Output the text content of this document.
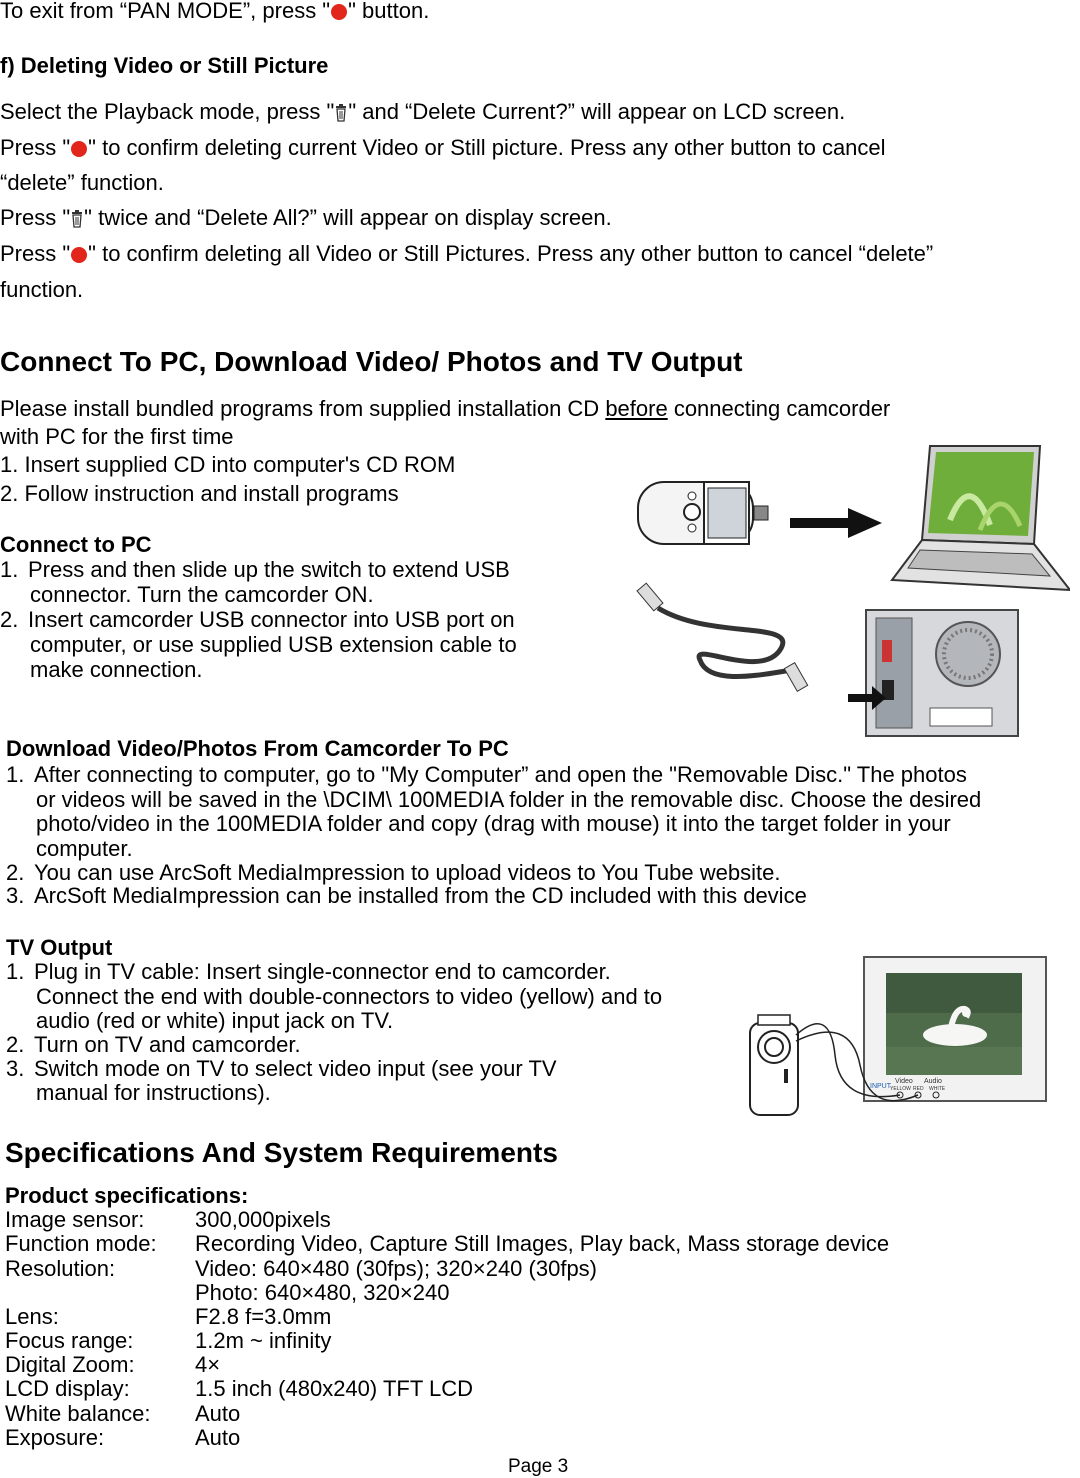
To exit from “PAN MODE”, press " " button.
f) Deleting Video or Still Picture
Select the Playback mode, press " " and “Delete Current?” will appear on LCD screen.
Press " " to confirm deleting current Video or Still picture. Press any other button to cancel
“delete” function.
Press " " twice and “Delete All?” will appear on display screen.
Press " " to confirm deleting all Video or Still Pictures. Press any other button to cancel “delete”
function.
Connect To PC, Download Video/ Photos and TV Output
Please install bundled programs from supplied installation CD before connecting camcorder
with PC for the first time
1. Insert supplied CD into computer's CD ROM
2. Follow instruction and install programs
Connect to PC
1. Press and then slide up the switch to extend USB
connector. Turn the camcorder ON.
2. Insert camcorder USB connector into USB port on
computer, or use supplied USB extension cable to
make connection.
Download Video/Photos From Camcorder To PC
1. After connecting to computer, go to "My Computer” and open the "Removable Disc." The photos
or videos will be saved in the \DCIM\ 100MEDIA folder in the removable disc. Choose the desired
photo/video in the 100MEDIA folder and copy (drag with mouse) it into the target folder in your
computer.
2. You can use ArcSoft MediaImpression to upload videos to You Tube website.
3. ArcSoft MediaImpression can be installed from the CD included with this device
TV Output
1. Plug in TV cable: Insert single-connector end to camcorder.
Connect the end with double-connectors to video (yellow) and to
audio (red or white) input jack on TV.
2. Turn on TV and camcorder.
3. Switch mode on TV to select video input (see your TV
manual for instructions).	INPUT
Video Audio
YELLOW RED WHITE
Specifications And System Requirements
Product specifications:
Image sensor: 300,000pixels
Function mode: Recording Video, Capture Still Images, Play back, Mass storage device
Resolution:	Video: 640×480 (30fps); 320×240 (30fps)
Photo: 640×480, 320×240
Lens:	F2.8 f=3.0mm
Focus range:	1.2m ~ infinity
Digital Zoom:	4×
LCD display:	1.5 inch (480x240) TFT LCD
White balance: Auto
Exposure:	Auto
Page 3
